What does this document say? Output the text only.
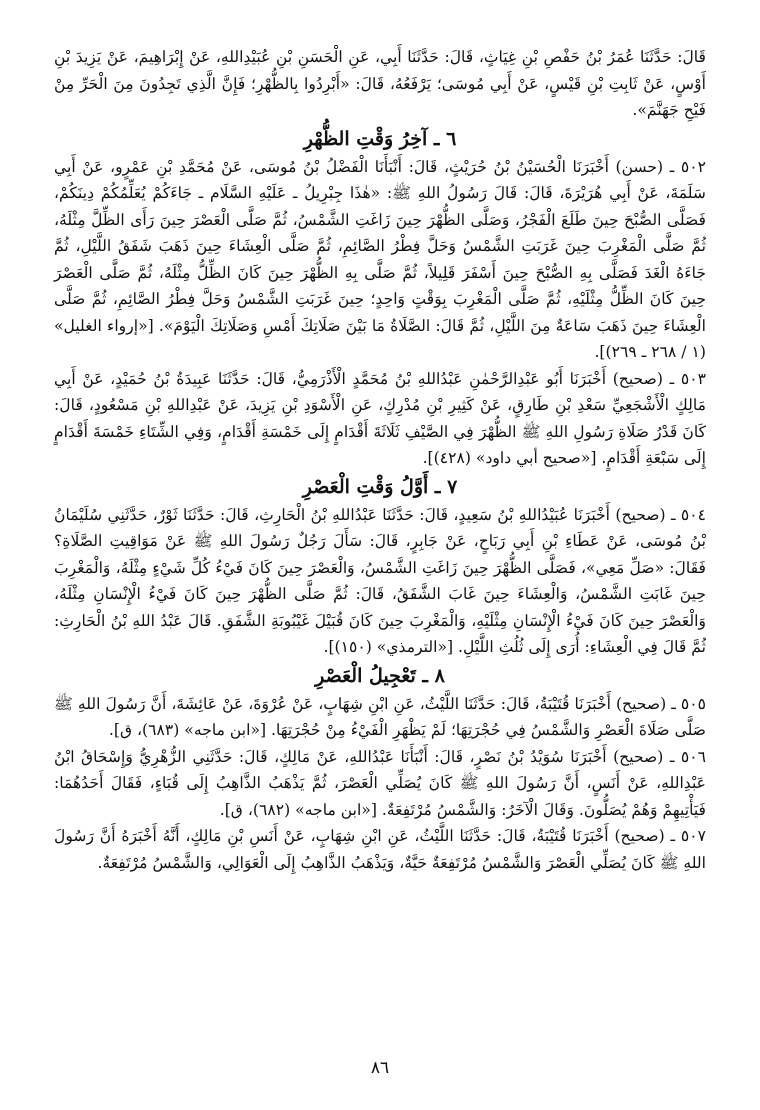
قَالَ: حَدَّثَنَا عُمَرُ بْنُ حَفْصِ بْنِ غِيَاثٍ، قَالَ: حَدَّثَنَا أَبِي، عَنِ الْحَسَنِ بْنِ عُبَيْدِاللهِ، عَنْ إِبْرَاهِيمَ، عَنْ يَزِيدَ بْنِ أَوْسٍ، عَنْ ثَابِتِ بْنِ قَيْسٍ، عَنْ أَبِي مُوسَى؛ يَرْفَعُهُ، قَالَ: «أَبْرِدُوا بِالظُّهْرِ؛ فَإِنَّ الَّذِي تَجِدُونَ مِنَ الْحَرِّ مِنْ فَيْحِ جَهَنَّمَ».

٦ ـ آخِرُ وَقْتِ الظُّهْرِ

٥٠٢ ـ (حسن) أَخْبَرَنَا الْحُسَيْنُ بْنُ حُرَيْثٍ، قَالَ: أَنْبَأَنَا الْفَضْلُ بْنُ مُوسَى، عَنْ مُحَمَّدِ بْنِ عَمْرٍو، عَنْ أَبِي سَلَمَةَ، عَنْ أَبِي هُرَيْرَةَ، قَالَ: قَالَ رَسُولُ اللهِ ﷺ: «هٰذَا جِبْرِيلُ ـ عَلَيْهِ السَّلَام ـ جَاءَكُمْ يُعَلِّمُكُمْ دِينَكُمْ، فَصَلَّى الصُّبْحَ حِينَ طَلَعَ الْفَجْرُ، وَصَلَّى الظُّهْرَ حِينَ زَاغَتِ الشَّمْسُ، ثُمَّ صَلَّى الْعَصْرَ حِينَ رَأَى الظِّلَّ مِثْلَهُ، ثُمَّ صَلَّى الْمَغْرِبَ حِينَ غَرَبَتِ الشَّمْسُ وَحَلَّ فِطْرُ الصَّائِمِ، ثُمَّ صَلَّى الْعِشَاءَ حِينَ ذَهَبَ شَفَقُ اللَّيْلِ، ثُمَّ جَاءَهُ الْغَدَ فَصَلَّى بِهِ الصُّبْحَ حِينَ أَسْفَرَ قَلِيلاً، ثُمَّ صَلَّى بِهِ الظُّهْرَ حِينَ كَانَ الظِّلُّ مِثْلَهُ، ثُمَّ صَلَّى الْعَصْرَ حِينَ كَانَ الظِّلُّ مِثْلَيْهِ، ثُمَّ صَلَّى الْمَغْرِبَ بِوَقْتٍ وَاحِدٍ؛ حِينَ غَرَبَتِ الشَّمْسُ وَحَلَّ فِطْرُ الصَّائِمِ، ثُمَّ صَلَّى الْعِشَاءَ حِينَ ذَهَبَ سَاعَةٌ مِنَ اللَّيْلِ، ثُمَّ قَالَ: الصَّلَاةُ مَا بَيْنَ صَلَاتِكَ أَمْسِ وَصَلَاتِكَ الْيَوْمَ». [«إرواء الغليل» (١ / ٢٦٨ ـ ٢٦٩)].

٥٠٣ ـ (صحيح) أَخْبَرَنَا أَبُو عَبْدِالرَّحْمٰنِ عَبْدُاللهِ بْنُ مُحَمَّدٍ الْأَذْرَمِيُّ، قَالَ: حَدَّثَنَا عَبِيدَةُ بْنُ حُمَيْدٍ، عَنْ أَبِي مَالِكٍ الْأَشْجَعِيِّ سَعْدِ بْنِ طَارِقٍ، عَنْ كَثِيرِ بْنِ مُدْرِكٍ، عَنِ الْأَسْوَدِ بْنِ يَزِيدَ، عَنْ عَبْدِاللهِ بْنِ مَسْعُودٍ، قَالَ: كَانَ قَدْرُ صَلَاةِ رَسُولِ اللهِ ﷺ الظُّهْرَ فِي الصَّيْفِ ثَلَاثَةَ أَقْدَامٍ إِلَى خَمْسَةِ أَقْدَامٍ، وَفِي الشِّتَاءِ خَمْسَةَ أَقْدَامٍ إِلَى سَبْعَةِ أَقْدَامٍ. [«صحيح أبي داود» (٤٢٨)].

٧ ـ أَوَّلُ وَقْتِ الْعَصْرِ

٥٠٤ ـ (صحيح) أَخْبَرَنَا عُبَيْدُاللهِ بْنُ سَعِيدٍ، قَالَ: حَدَّثَنَا عَبْدُاللهِ بْنُ الْحَارِثِ، قَالَ: حَدَّثَنَا ثَوْرٌ، حَدَّثَنِي سُلَيْمَانُ بْنُ مُوسَى، عَنْ عَطَاءِ بْنِ أَبِي رَبَاحٍ، عَنْ جَابِرٍ، قَالَ: سَأَلَ رَجُلٌ رَسُولَ اللهِ ﷺ عَنْ مَوَاقِيتِ الصَّلَاةِ؟ فَقَالَ: «صَلِّ مَعِي»، فَصَلَّى الظُّهْرَ حِينَ زَاغَتِ الشَّمْسُ، وَالْعَصْرَ حِينَ كَانَ فَيْءُ كُلِّ شَيْءٍ مِثْلَهُ، وَالْمَغْرِبَ حِينَ غَابَتِ الشَّمْسُ، وَالْعِشَاءَ حِينَ غَابَ الشَّفَقُ، قَالَ: ثُمَّ صَلَّى الظُّهْرَ حِينَ كَانَ فَيْءُ الْإِنْسَانِ مِثْلَهُ، وَالْعَصْرَ حِينَ كَانَ فَيْءُ الْإِنْسَانِ مِثْلَيْهِ، وَالْمَغْرِبَ حِينَ كَانَ قُبَيْلَ غَيْبُوبَةِ الشَّفَقِ. قَالَ عَبْدُ اللهِ بْنُ الْحَارِثِ: ثُمَّ قَالَ فِي الْعِشَاءِ: أُرَى إِلَى ثُلُثِ اللَّيْلِ. [«الترمذي» (١٥٠)].

٨ ـ تَعْجِيلُ الْعَصْرِ

٥٠٥ ـ (صحيح) أَخْبَرَنَا قُتَيْبَةُ، قَالَ: حَدَّثَنَا اللَّيْثُ، عَنِ ابْنِ شِهَابٍ، عَنْ عُرْوَةَ، عَنْ عَائِشَةَ، أَنَّ رَسُولَ اللهِ ﷺ صَلَّى صَلَاةَ الْعَصْرِ وَالشَّمْسُ فِي حُجْرَتِهَا؛ لَمْ يَظْهَرِ الْفَيْءُ مِنْ حُجْرَتِهَا. [«ابن ماجه» (٦٨٣)، ق].

٥٠٦ ـ (صحيح) أَخْبَرَنَا سُوَيْدُ بْنُ نَصْرٍ، قَالَ: أَنْبَأَنَا عَبْدُاللهِ، عَنْ مَالِكٍ، قَالَ: حَدَّثَنِي الزُّهْرِيُّ وَإِسْحَاقُ ابْنُ عَبْدِاللهِ، عَنْ أَنَسٍ، أَنَّ رَسُولَ اللهِ ﷺ كَانَ يُصَلِّي الْعَصْرَ، ثُمَّ يَذْهَبُ الذَّاهِبُ إِلَى قُبَاءٍ، فَقَالَ أَحَدُهُمَا: فَيَأْتِيهِمْ وَهُمْ يُصَلُّونَ. وَقَالَ الْآخَرُ: وَالشَّمْسُ مُرْتَفِعَةٌ. [«ابن ماجه» (٦٨٢)، ق].

٥٠٧ ـ (صحيح) أَخْبَرَنَا قُتَيْبَةُ، قَالَ: حَدَّثَنَا اللَّيْثُ، عَنِ ابْنِ شِهَابٍ، عَنْ أَنَسِ بْنِ مَالِكٍ، أَنَّهُ أَخْبَرَهُ أَنَّ رَسُولَ اللهِ ﷺ كَانَ يُصَلِّي الْعَصْرَ وَالشَّمْسُ مُرْتَفِعَةٌ حَيَّةٌ، وَيَذْهَبُ الذَّاهِبُ إِلَى الْعَوَالِي، وَالشَّمْسُ مُرْتَفِعَةٌ.

٨٦
